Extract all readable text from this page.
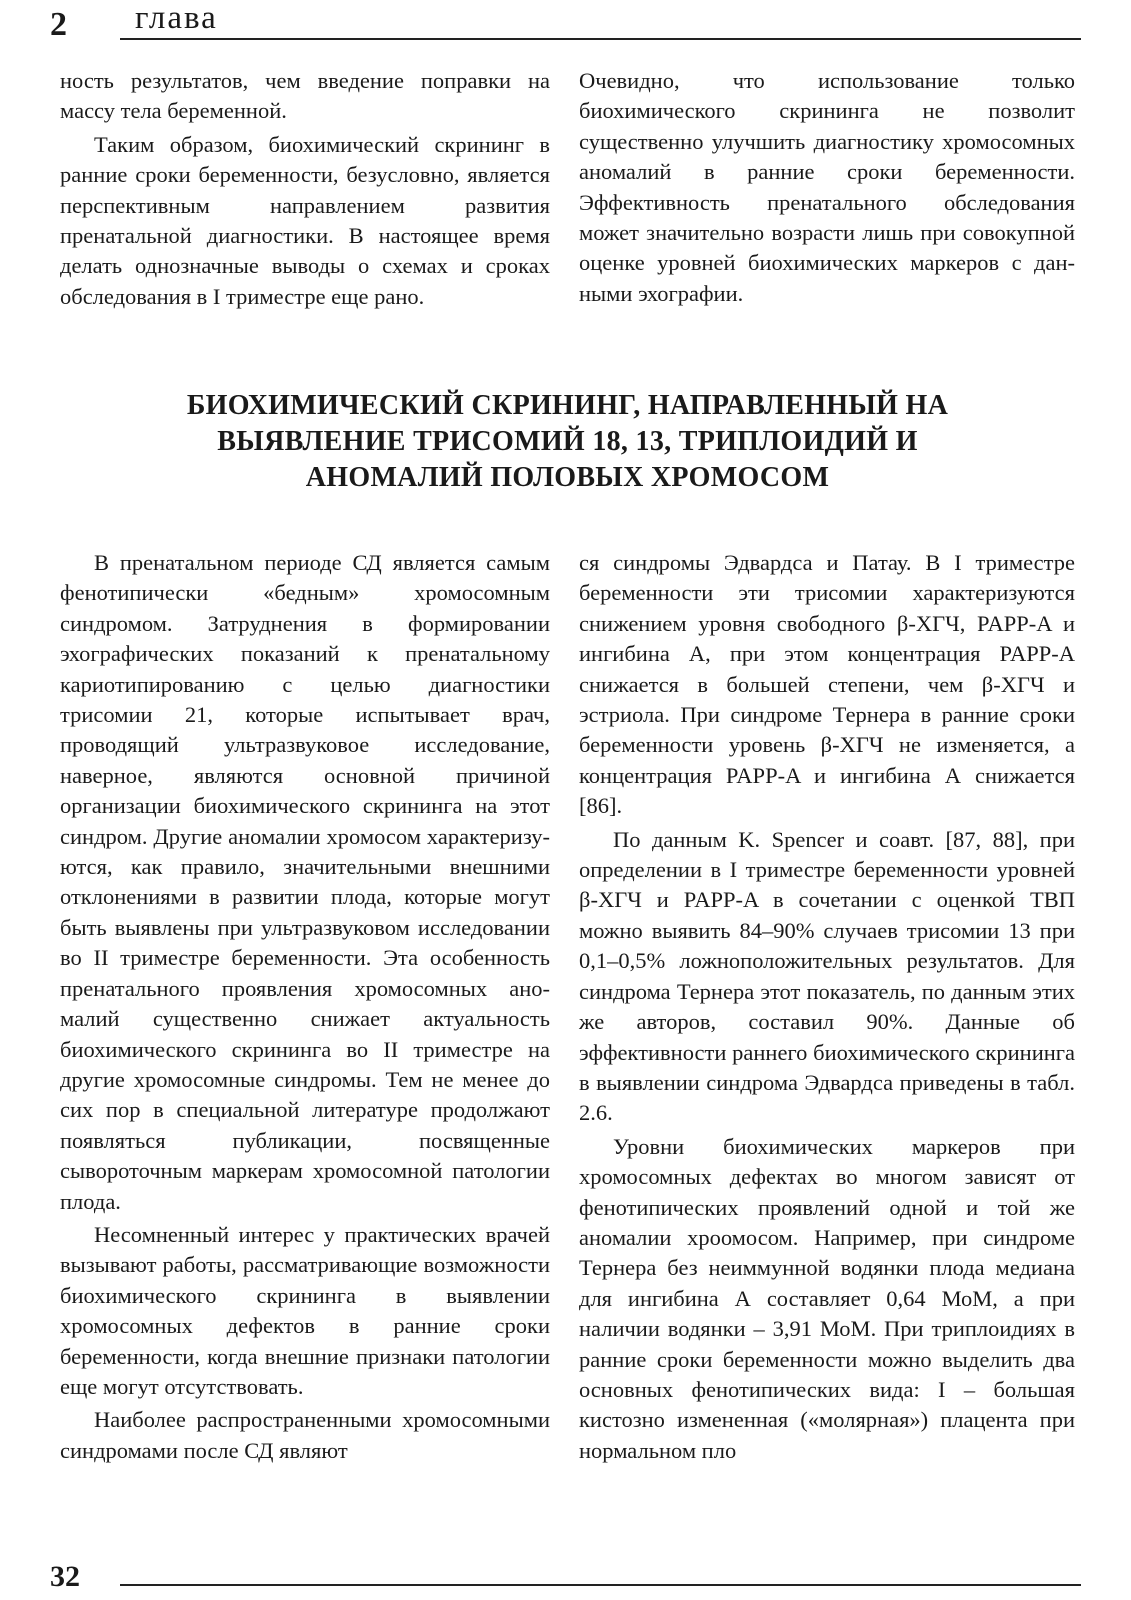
2 глава

ность результатов, чем введение поправки на массу тела беременной.

Таким образом, биохимический скрининг в ранние сроки беременности, безусловно, является перспективным направлением развития пренатальной диагностики. В настоящее время делать однозначные выводы о схемах и сроках обследования в I триместре еще рано.

Очевидно, что использование только биохимического скрининга не позволит существенно улучшить диагностику хромосомных аномалий в ранние сроки беременности. Эффективность пренатального обследования может значительно возрасти лишь при совокупной оценке уровней биохимических маркеров с данными эхографии.

БИОХИМИЧЕСКИЙ СКРИНИНГ, НАПРАВЛЕННЫЙ НА
ВЫЯВЛЕНИЕ ТРИСОМИЙ 18, 13, ТРИПЛОИДИЙ И
АНОМАЛИЙ ПОЛОВЫХ ХРОМОСОМ

В пренатальном периоде СД является самым фенотипически «бедным» хромосомным синдромом. Затруднения в формировании эхографических показаний к пренатальному кариотипированию с целью диагностики трисомии 21, которые испытывает врач, проводящий ультразвуковое исследование, наверное, являются основной причиной организации биохимического скрининга на этот синдром. Другие аномалии хромосом характеризуются, как правило, значительными внешними отклонениями в развитии плода, которые могут быть выявлены при ультразвуковом исследовании во II триместре беременности. Эта особенность пренатального проявления хромосомных аномалий существенно снижает актуальность биохимического скрининга во II триместре на другие хромосомные синдромы. Тем не менее до сих пор в специальной литературе продолжают появляться публикации, посвященные сывороточным маркерам хромосомной патологии плода.

Несомненный интерес у практических врачей вызывают работы, рассматривающие возможности биохимического скрининга в выявлении хромосомных дефектов в ранние сроки беременности, когда внешние признаки патологии еще могут отсутствовать.

Наиболее распространенными хромосомными синдромами после СД являют

ся синдромы Эдвардса и Патау. В I триместре беременности эти трисомии характеризуются снижением уровня свободного β-ХГЧ, PAPP-A и ингибина А, при этом концентрация PAPP-A снижается в большей степени, чем β-ХГЧ и эстриола. При синдроме Тернера в ранние сроки беременности уровень β-ХГЧ не изменяется, а концентрация PAPP-A и ингибина А снижается [86].

По данным K. Spencer и соавт. [87, 88], при определении в I триместре беременности уровней β-ХГЧ и PAPP-A в сочетании с оценкой ТВП можно выявить 84–90% случаев трисомии 13 при 0,1–0,5% ложноположительных результатов. Для синдрома Тернера этот показатель, по данным этих же авторов, составил 90%. Данные об эффективности раннего биохимического скрининга в выявлении синдрома Эдвардса приведены в табл. 2.6.

Уровни биохимических маркеров при хромосомных дефектах во многом зависят от фенотипических проявлений одной и той же аномалии хроомосом. Например, при синдроме Тернера без неиммунной водянки плода медиана для ингибина А составляет 0,64 МоМ, а при наличии водянки – 3,91 МоМ. При триплоидиях в ранние сроки беременности можно выделить два основных фенотипических вида: I – большая кистозно измененная («молярная») плацента при нормальном пло

32
